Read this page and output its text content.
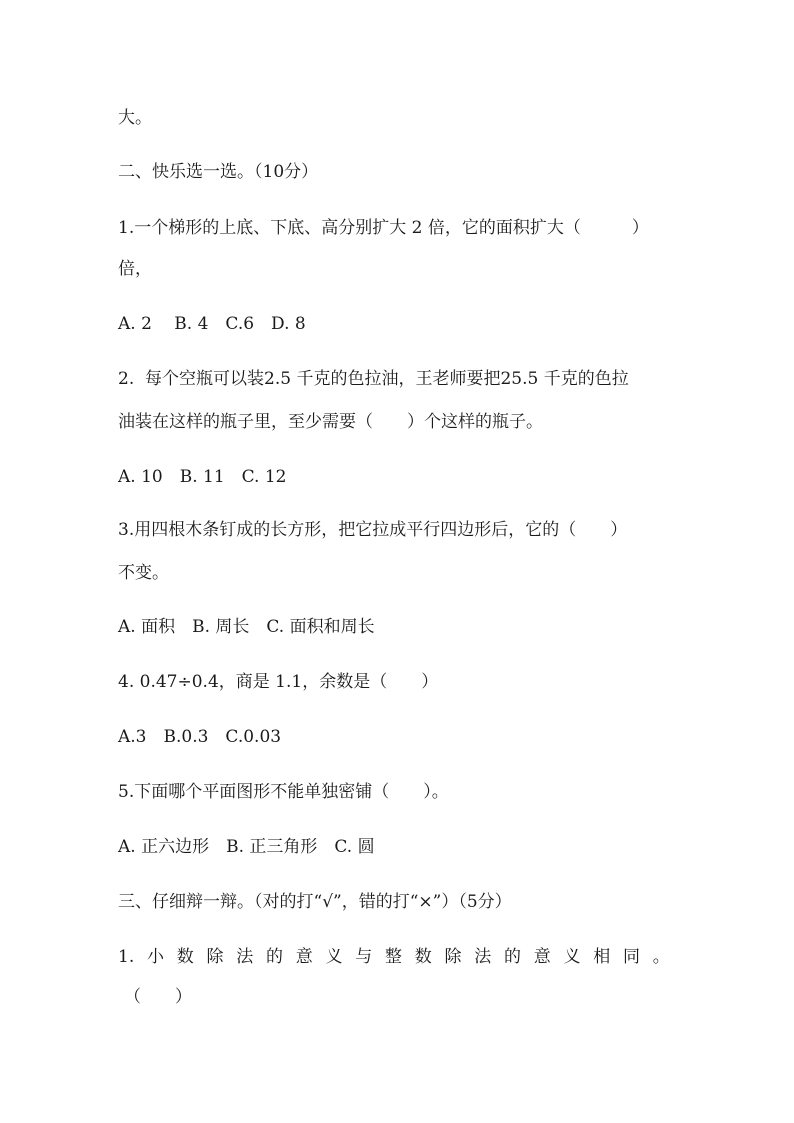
大。
二、快乐选一选。（10分）
1.一个梯形的上底、下底、高分别扩大 2 倍，它的面积扩大（　　　）
倍，
A. 2　 B. 4　C.6　D. 8
2.  每个空瓶可以装2.5 千克的色拉油，王老师要把25.5 千克的色拉
油装在这样的瓶子里，至少需要（　　）个这样的瓶子。
A. 10　B. 11　C. 12
3.用四根木条钉成的长方形，把它拉成平行四边形后，它的（　　）
不变。
A. 面积　B. 周长　C. 面积和周长
4. 0.47÷0.4，商是 1.1，余数是（　　）
A.3　B.0.3　C.0.03
5.下面哪个平面图形不能单独密铺（　　）。
A. 正六边形　B. 正三角形　C. 圆
三、仔细辩一辩。（对的打“√”，错的打“×”）（5分）
1. 小 数 除 法 的 意 义 与 整 数 除 法 的 意 义 相 同 。
（　　）
